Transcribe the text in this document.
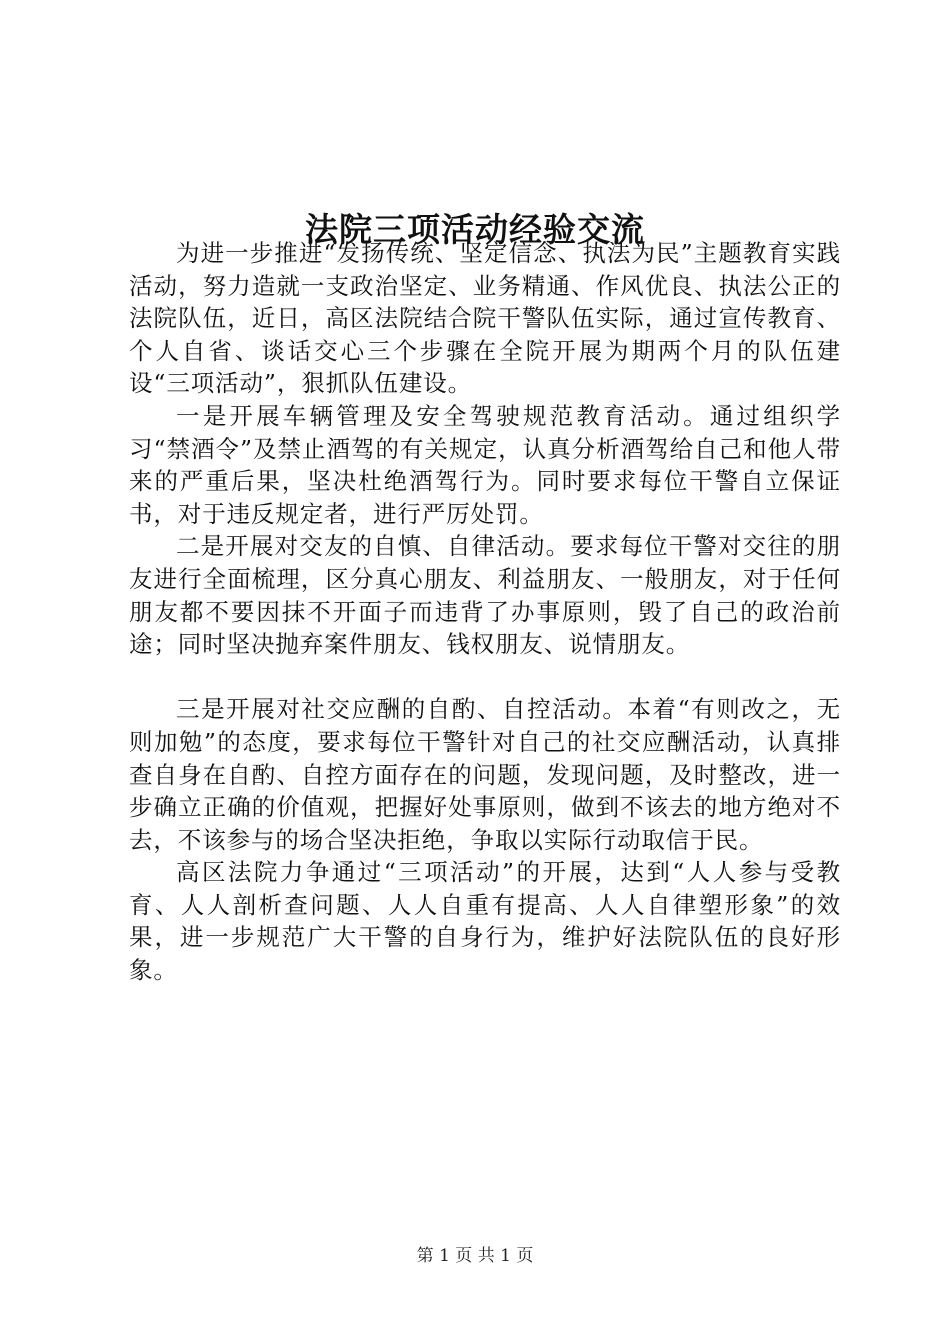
法院三项活动经验交流

为进一步推进“发扬传统、坚定信念、执法为民”主题教育实践活动，努力造就一支政治坚定、业务精通、作风优良、执法公正的法院队伍，近日，高区法院结合院干警队伍实际，通过宣传教育、个人自省、谈话交心三个步骤在全院开展为期两个月的队伍建设“三项活动”，狠抓队伍建设。

一是开展车辆管理及安全驾驶规范教育活动。通过组织学习“禁酒令”及禁止酒驾的有关规定，认真分析酒驾给自己和他人带来的严重后果，坚决杜绝酒驾行为。同时要求每位干警自立保证书，对于违反规定者，进行严厉处罚。

二是开展对交友的自慎、自律活动。要求每位干警对交往的朋友进行全面梳理，区分真心朋友、利益朋友、一般朋友，对于任何朋友都不要因抹不开面子而违背了办事原则，毁了自己的政治前途；同时坚决抛弃案件朋友、钱权朋友、说情朋友。

三是开展对社交应酬的自酌、自控活动。本着“有则改之，无则加勉”的态度，要求每位干警针对自己的社交应酬活动，认真排查自身在自酌、自控方面存在的问题，发现问题，及时整改，进一步确立正确的价值观，把握好处事原则，做到不该去的地方绝对不去，不该参与的场合坚决拒绝，争取以实际行动取信于民。

高区法院力争通过“三项活动”的开展，达到“人人参与受教育、人人剖析查问题、人人自重有提高、人人自律塑形象”的效果，进一步规范广大干警的自身行为，维护好法院队伍的良好形象。

第 1 页 共 1 页
